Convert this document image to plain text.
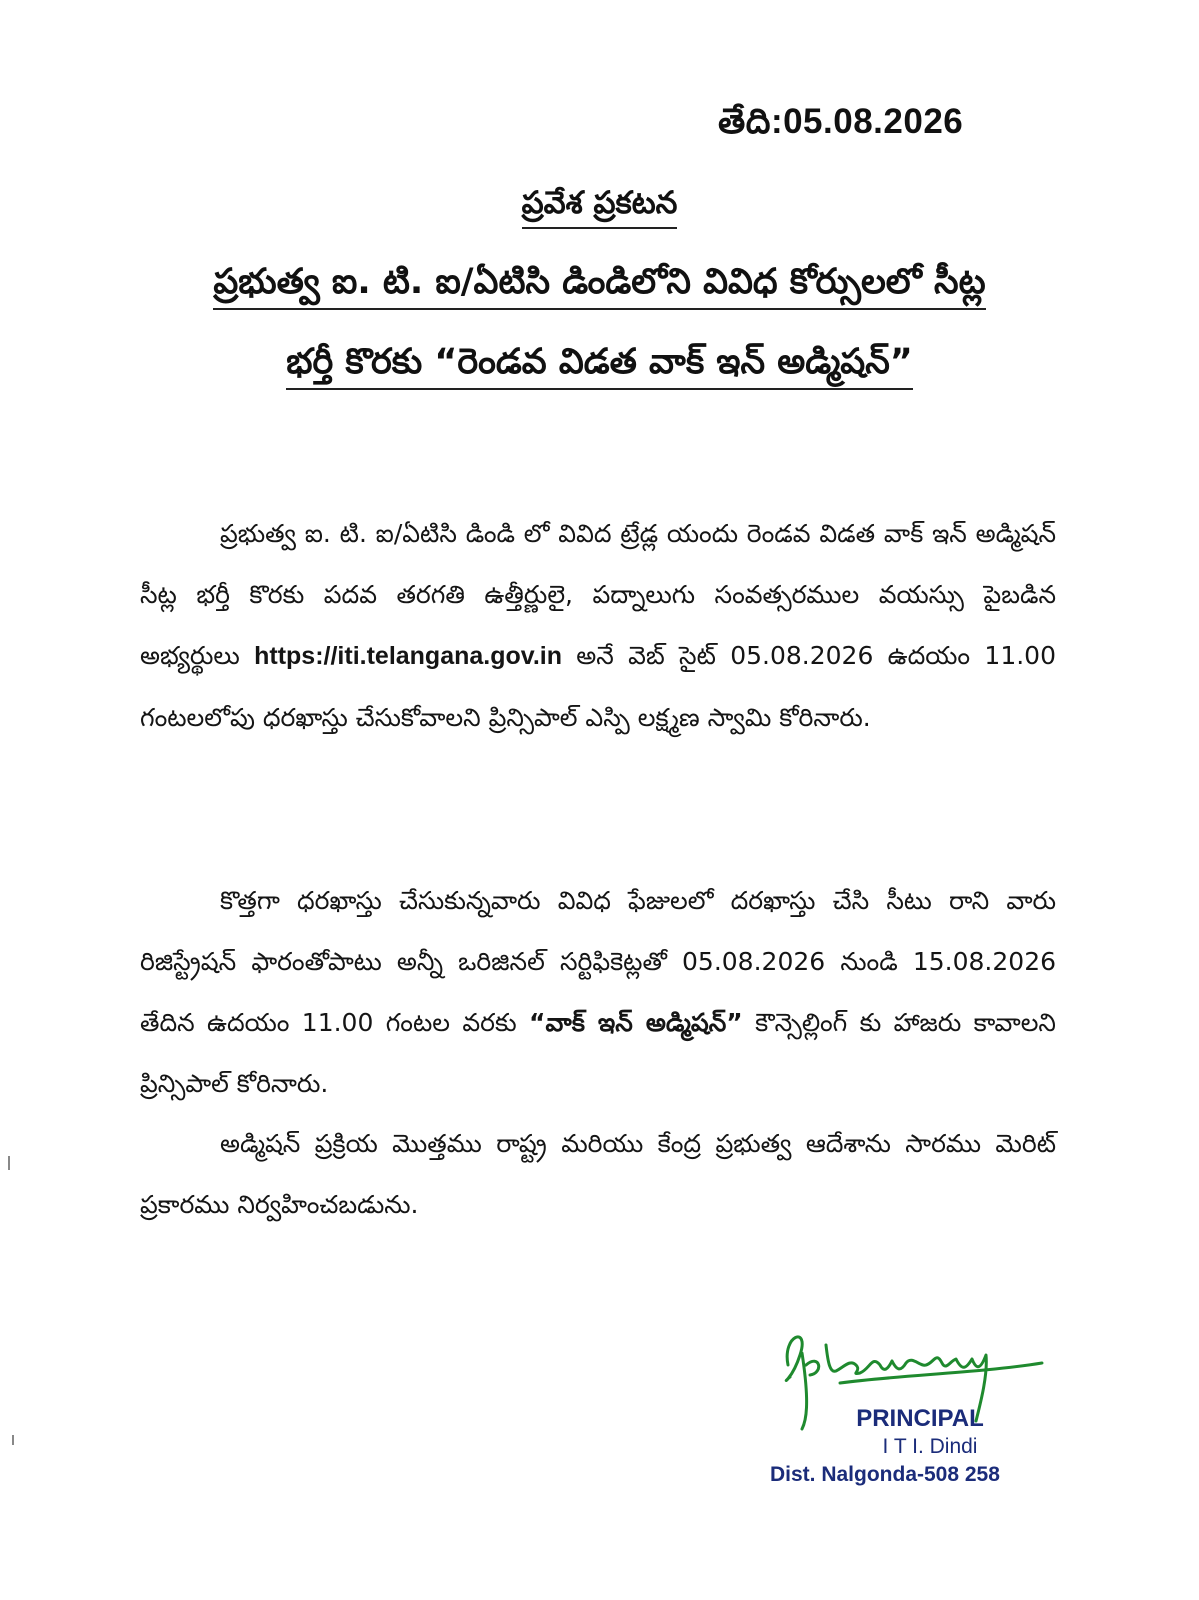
తేది:05.08.2026
ప్రవేశ ప్రకటన
ప్రభుత్వ ఐ. టి. ఐ/ఏటిసి డిండిలోని వివిధ కోర్సులలో సీట్ల
భర్తీ కొరకు “రెండవ విడత వాక్ ఇన్ అడ్మిషన్”
ప్రభుత్వ ఐ. టి. ఐ/ఏటిసి డిండి లో వివిద ట్రేడ్ల యందు రెండవ విడత వాక్ ఇన్ అడ్మిషన్ సీట్ల భర్తీ కొరకు పదవ తరగతి ఉత్తీర్ణులై, పద్నాలుగు సంవత్సరముల వయస్సు పైబడిన అభ్యర్థులు https://iti.telangana.gov.in అనే వెబ్ సైట్ 05.08.2026 ఉదయం 11.00 గంటలలోపు ధరఖాస్తు చేసుకోవాలని ప్రిన్సిపాల్ ఎస్పి లక్ష్మణ స్వామి కోరినారు.
కొత్తగా ధరఖాస్తు చేసుకున్నవారు వివిధ ఫేజులలో దరఖాస్తు చేసి సీటు రాని వారు రిజిస్ట్రేషన్ ఫారంతోపాటు అన్నీ ఒరిజినల్ సర్టిఫికెట్లతో 05.08.2026 నుండి 15.08.2026 తేదిన ఉదయం 11.00 గంటల వరకు “వాక్ ఇన్ అడ్మిషన్” కౌన్సెల్లింగ్ కు హాజరు కావాలని ప్రిన్సిపాల్ కోరినారు.
అడ్మిషన్ ప్రక్రియ మొత్తము రాష్ట్ర మరియు కేంద్ర ప్రభుత్వ ఆదేశాను సారము మెరిట్ ప్రకారము నిర్వహించబడును.
PRINCIPAL
I T I. Dindi
Dist. Nalgonda-508 258
